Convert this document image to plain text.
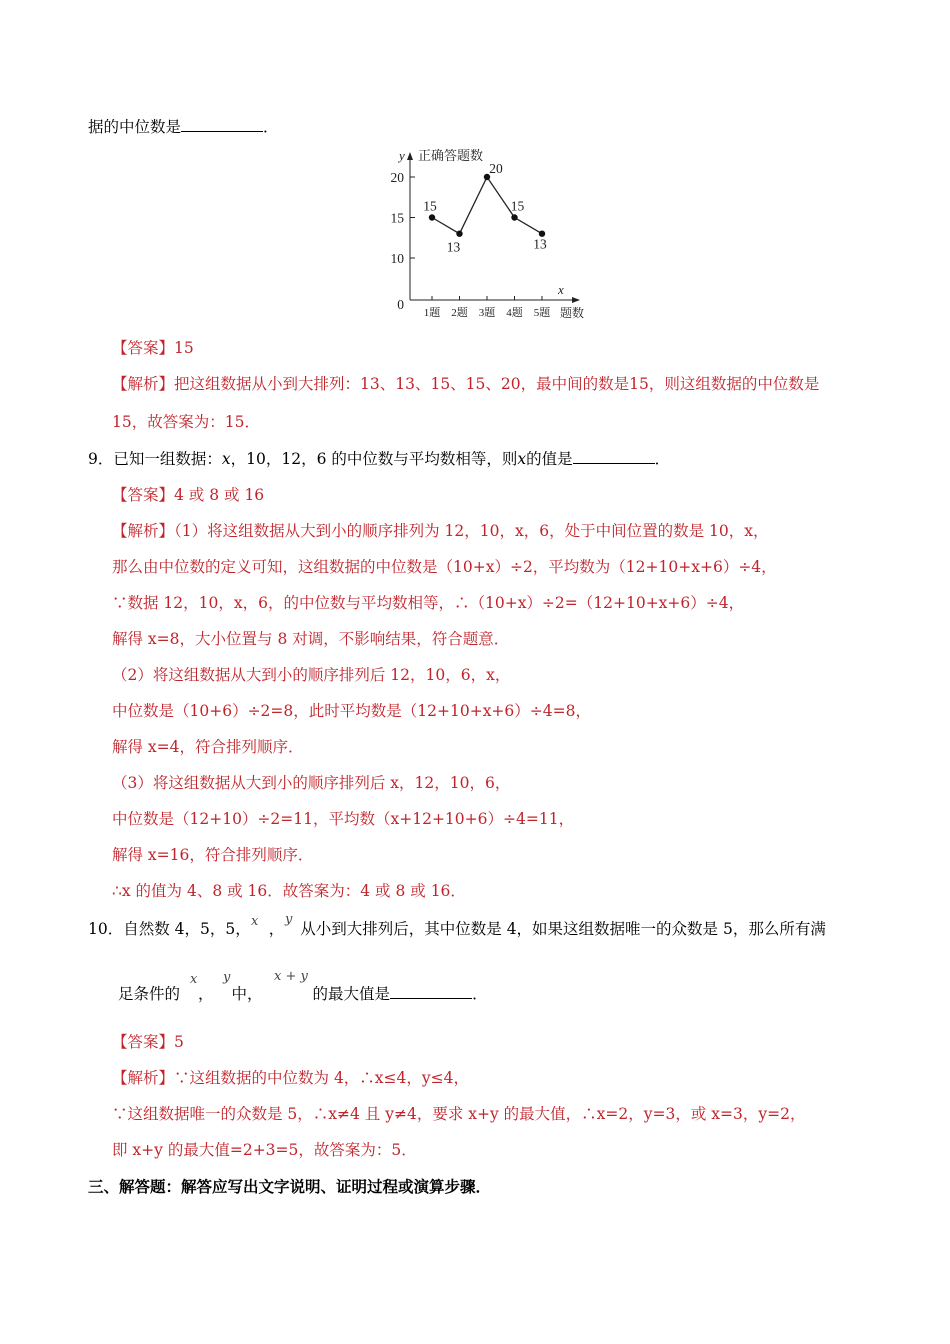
据的中位数是	．
y 正确答题数
x
0
10
15
20
1题 2题 3题 4题 5题 题数
15
13
20
15
13
【答案】15
【解析】把这组数据从小到大排列：13、13、15、15、20，最中间的数是15，则这组数据的中位数是
15，故答案为：15．
9．已知一组数据：x，10，12，6 的中位数与平均数相等，则x的值是	．
【答案】4 或 8 或 16
【解析】（1）将这组数据从大到小的顺序排列为 12，10，x，6，处于中间位置的数是 10，x，
那么由中位数的定义可知，这组数据的中位数是（10+x）÷2，平均数为（12+10+x+6）÷4，
∵数据 12，10，x，6，的中位数与平均数相等，∴（10+x）÷2=（12+10+x+6）÷4，
解得 x=8，大小位置与 8 对调，不影响结果，符合题意．
（2）将这组数据从大到小的顺序排列后 12，10，6，x，
中位数是（10+6）÷2=8，此时平均数是（12+10+x+6）÷4=8，
解得 x=4，符合排列顺序．
（3）将这组数据从大到小的顺序排列后 x，12，10，6，
中位数是（12+10）÷2=11，平均数（x+12+10+6）÷4=11，
解得 x=16，符合排列顺序．
∴x 的值为 4、8 或 16．故答案为：4 或 8 或 16．
10．自然数 4，5，5， ， 从小到大排列后，其中位数是 4，如果这组数据唯一的众数是 5，那么所有满
x y
足条件的 ， 中，	的最大值是	．
x y	x + y
【答案】5
【解析】∵这组数据的中位数为 4，∴x≤4，y≤4，
∵这组数据唯一的众数是 5，∴x≠4 且 y≠4，要求 x+y 的最大值，∴x=2，y=3，或 x=3，y=2，
即 x+y 的最大值=2+3=5，故答案为：5．
三、解答题：解答应写出文字说明、证明过程或演算步骤．
